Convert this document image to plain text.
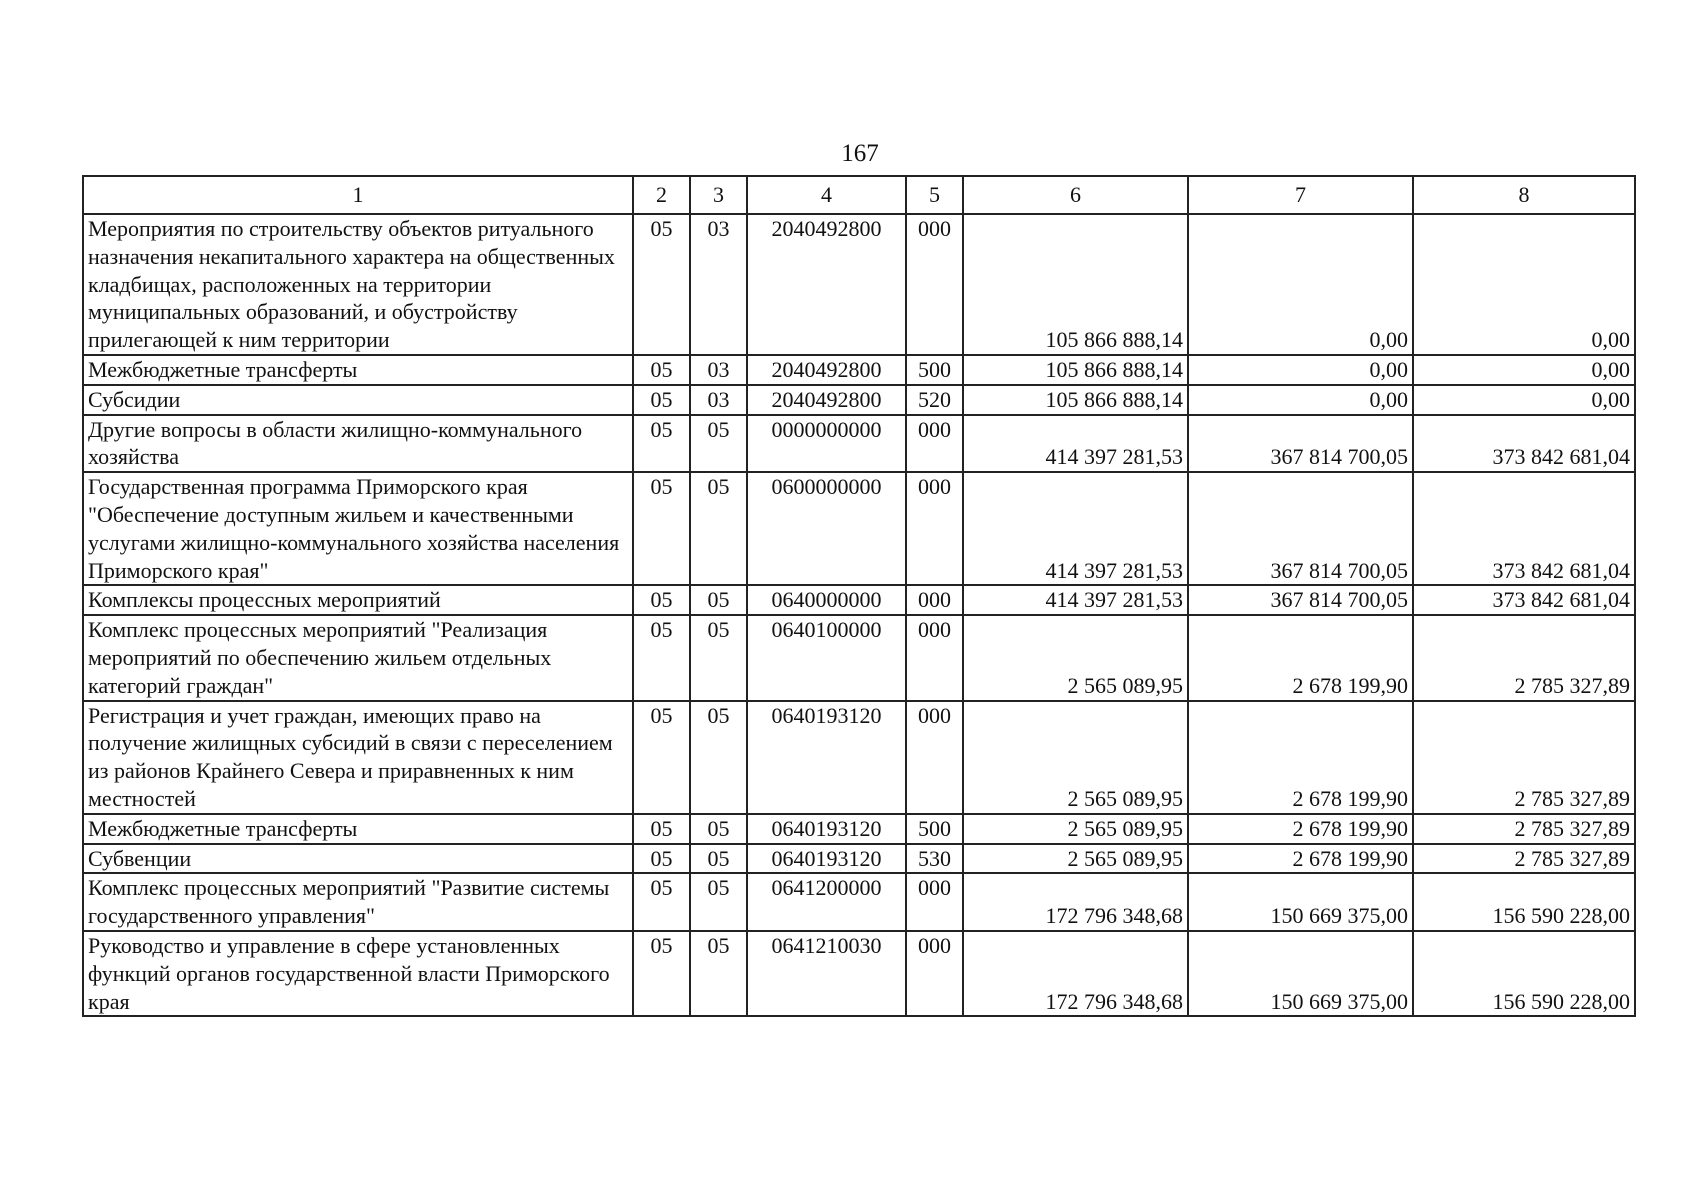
167
1	2	3	4	5	6	7	8
Мероприятия по строительству объектов ритуального назначения некапитального характера на общественных кладбищах, расположенных на территории муниципальных образований, и обустройству прилегающей к ним территории	05	03	2040492800	000	105 866 888,14	0,00	0,00
Межбюджетные трансферты	05	03	2040492800	500	105 866 888,14	0,00	0,00
Субсидии	05	03	2040492800	520	105 866 888,14	0,00	0,00
Другие вопросы в области жилищно-коммунального хозяйства	05	05	0000000000	000	414 397 281,53	367 814 700,05	373 842 681,04
Государственная программа Приморского края "Обеспечение доступным жильем и качественными услугами жилищно-коммунального хозяйства населения Приморского края"	05	05	0600000000	000	414 397 281,53	367 814 700,05	373 842 681,04
Комплексы процессных мероприятий	05	05	0640000000	000	414 397 281,53	367 814 700,05	373 842 681,04
Комплекс процессных мероприятий "Реализация мероприятий по обеспечению жильем отдельных категорий граждан"	05	05	0640100000	000	2 565 089,95	2 678 199,90	2 785 327,89
Регистрация и учет граждан, имеющих право на получение жилищных субсидий в связи с переселением из районов Крайнего Севера и приравненных к ним местностей	05	05	0640193120	000	2 565 089,95	2 678 199,90	2 785 327,89
Межбюджетные трансферты	05	05	0640193120	500	2 565 089,95	2 678 199,90	2 785 327,89
Субвенции	05	05	0640193120	530	2 565 089,95	2 678 199,90	2 785 327,89
Комплекс процессных мероприятий "Развитие системы государственного управления"	05	05	0641200000	000	172 796 348,68	150 669 375,00	156 590 228,00
Руководство и управление в сфере установленных функций органов государственной власти Приморского края	05	05	0641210030	000	172 796 348,68	150 669 375,00	156 590 228,00
